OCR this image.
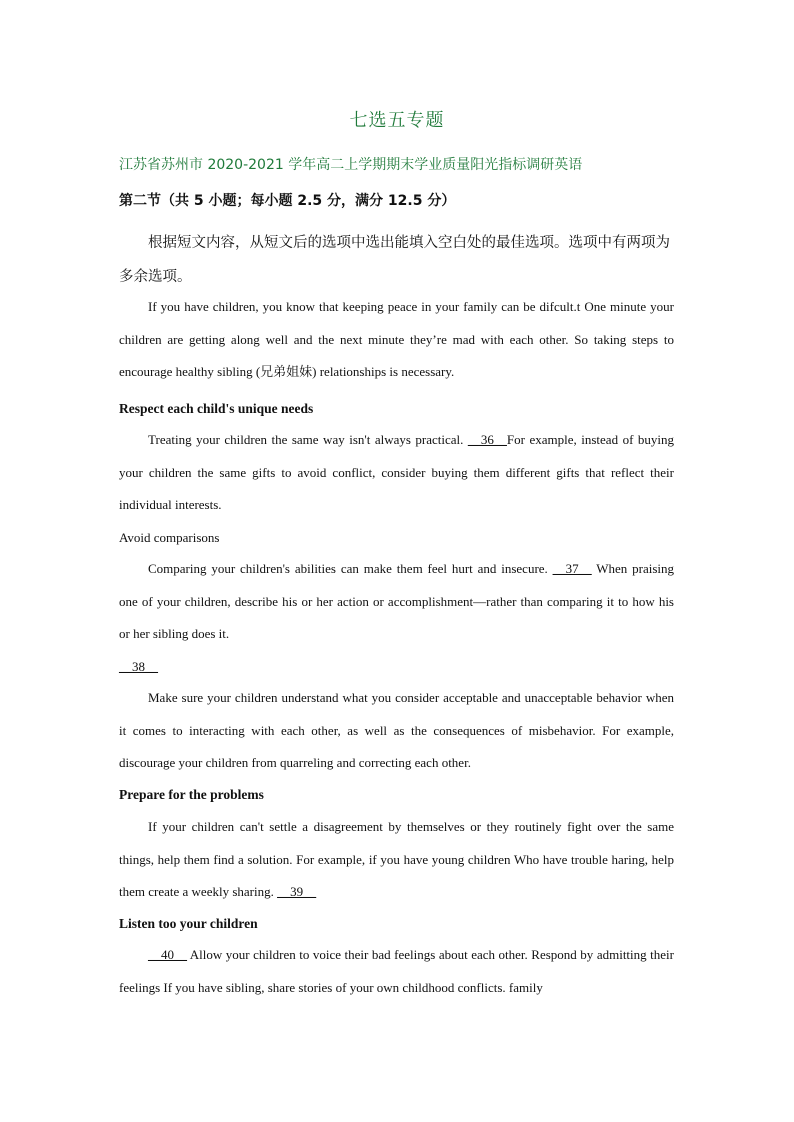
七选五专题
江苏省苏州市 2020-2021 学年高二上学期期末学业质量阳光指标调研英语
第二节（共 5 小题；每小题 2.5 分，满分 12.5 分）
根据短文内容，从短文后的选项中选出能填入空白处的最佳选项。选项中有两项为多余选项。
If you have children, you know that keeping peace in your family can be difcult.t One minute your children are getting along well and the next minute they’re mad with each other. So taking steps to encourage healthy sibling (兄弟姐妹) relationships is necessary.
Respect each child's unique needs
Treating your children the same way isn't always practical. __36__For example, instead of buying your children the same gifts to avoid conflict, consider buying them different gifts that reflect their individual interests.
Avoid comparisons
Comparing your children's abilities can make them feel hurt and insecure. __37__ When praising one of your children, describe his or her action or accomplishment—rather than comparing it to how his or her sibling does it.
__38__
Make sure your children understand what you consider acceptable and unacceptable behavior when it comes to interacting with each other, as well as the consequences of misbehavior. For example, discourage your children from quarreling and correcting each other.
Prepare for the problems
If your children can't settle a disagreement by themselves or they routinely fight over the same things, help them find a solution. For example, if you have young children Who have trouble haring, help them create a weekly sharing. __39__
Listen too your children
__40__ Allow your children to voice their bad feelings about each other. Respond by admitting their feelings If you have sibling, share stories of your own childhood conflicts. family
